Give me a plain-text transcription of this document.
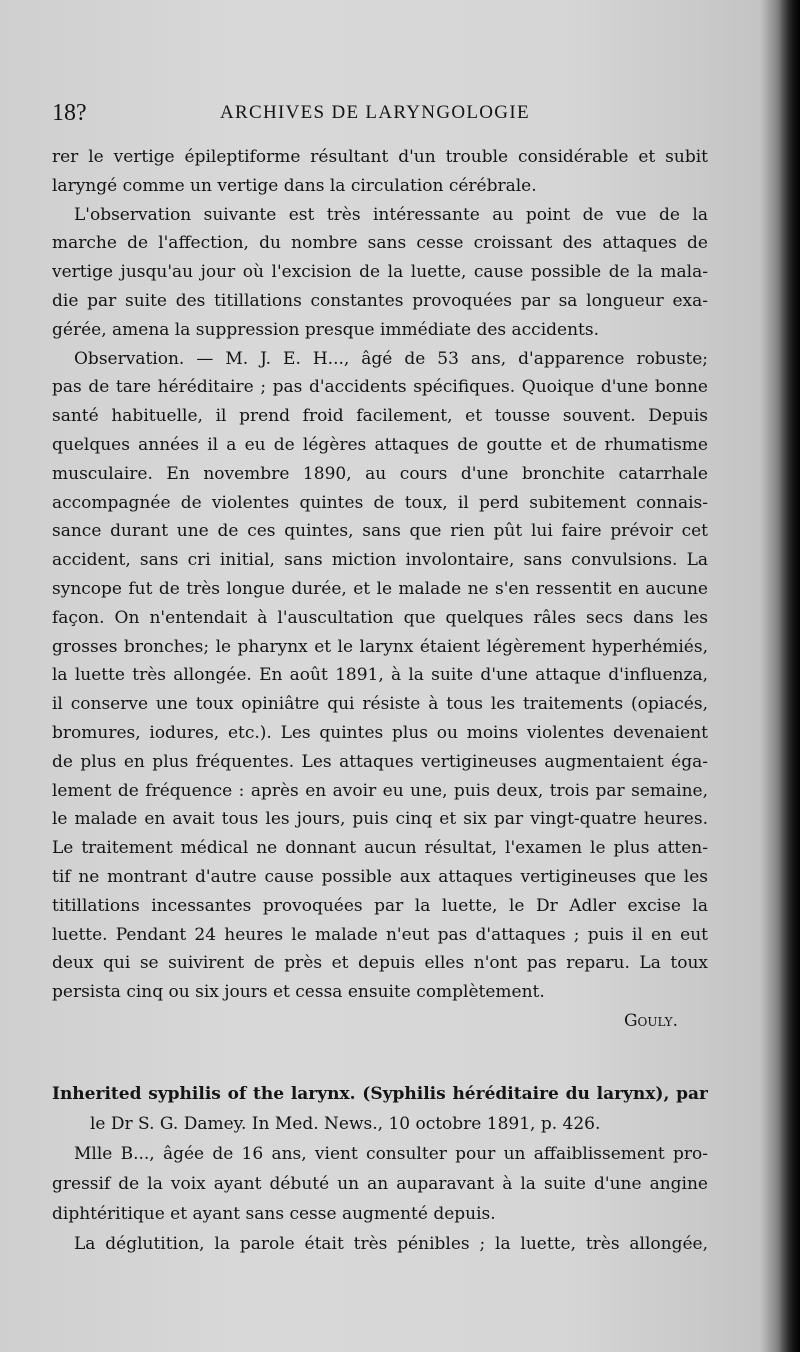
18?	ARCHIVES DE LARYNGOLOGIE
rer le vertige épileptiforme résultant d'un trouble considérable et subit
laryngé comme un vertige dans la circulation cérébrale.
L'observation suivante est très intéressante au point de vue de la
marche de l'affection, du nombre sans cesse croissant des attaques de
vertige jusqu'au jour où l'excision de la luette, cause possible de la mala-
die par suite des titillations constantes provoquées par sa longueur exa-
gérée, amena la suppression presque immédiate des accidents.
Observation. — M. J. E. H..., âgé de 53 ans, d'apparence robuste;
pas de tare héréditaire ; pas d'accidents spécifiques. Quoique d'une bonne
santé habituelle, il prend froid facilement, et tousse souvent. Depuis
quelques années il a eu de légères attaques de goutte et de rhumatisme
musculaire. En novembre 1890, au cours d'une bronchite catarrhale
accompagnée de violentes quintes de toux, il perd subitement connais-
sance durant une de ces quintes, sans que rien pût lui faire prévoir cet
accident, sans cri initial, sans miction involontaire, sans convulsions. La
syncope fut de très longue durée, et le malade ne s'en ressentit en aucune
façon. On n'entendait à l'auscultation que quelques râles secs dans les
grosses bronches; le pharynx et le larynx étaient légèrement hyperhémiés,
la luette très allongée. En août 1891, à la suite d'une attaque d'influenza,
il conserve une toux opiniâtre qui résiste à tous les traitements (opiacés,
bromures, iodures, etc.). Les quintes plus ou moins violentes devenaient
de plus en plus fréquentes. Les attaques vertigineuses augmentaient éga-
lement de fréquence : après en avoir eu une, puis deux, trois par semaine,
le malade en avait tous les jours, puis cinq et six par vingt-quatre heures.
Le traitement médical ne donnant aucun résultat, l'examen le plus atten-
tif ne montrant d'autre cause possible aux attaques vertigineuses que les
titillations incessantes provoquées par la luette, le Dr Adler excise la
luette. Pendant 24 heures le malade n'eut pas d'attaques ; puis il en eut
deux qui se suivirent de près et depuis elles n'ont pas reparu. La toux
persista cinq ou six jours et cessa ensuite complètement.
Gouly.
Inherited syphilis of the larynx. (Syphilis héréditaire du larynx), par
le Dr S. G. Damey. In Med. News., 10 octobre 1891, p. 426.
Mlle B..., âgée de 16 ans, vient consulter pour un affaiblissement pro-
gressif de la voix ayant débuté un an auparavant à la suite d'une angine
diphtéritique et ayant sans cesse augmenté depuis.
La déglutition, la parole était très pénibles ; la luette, très allongée,
